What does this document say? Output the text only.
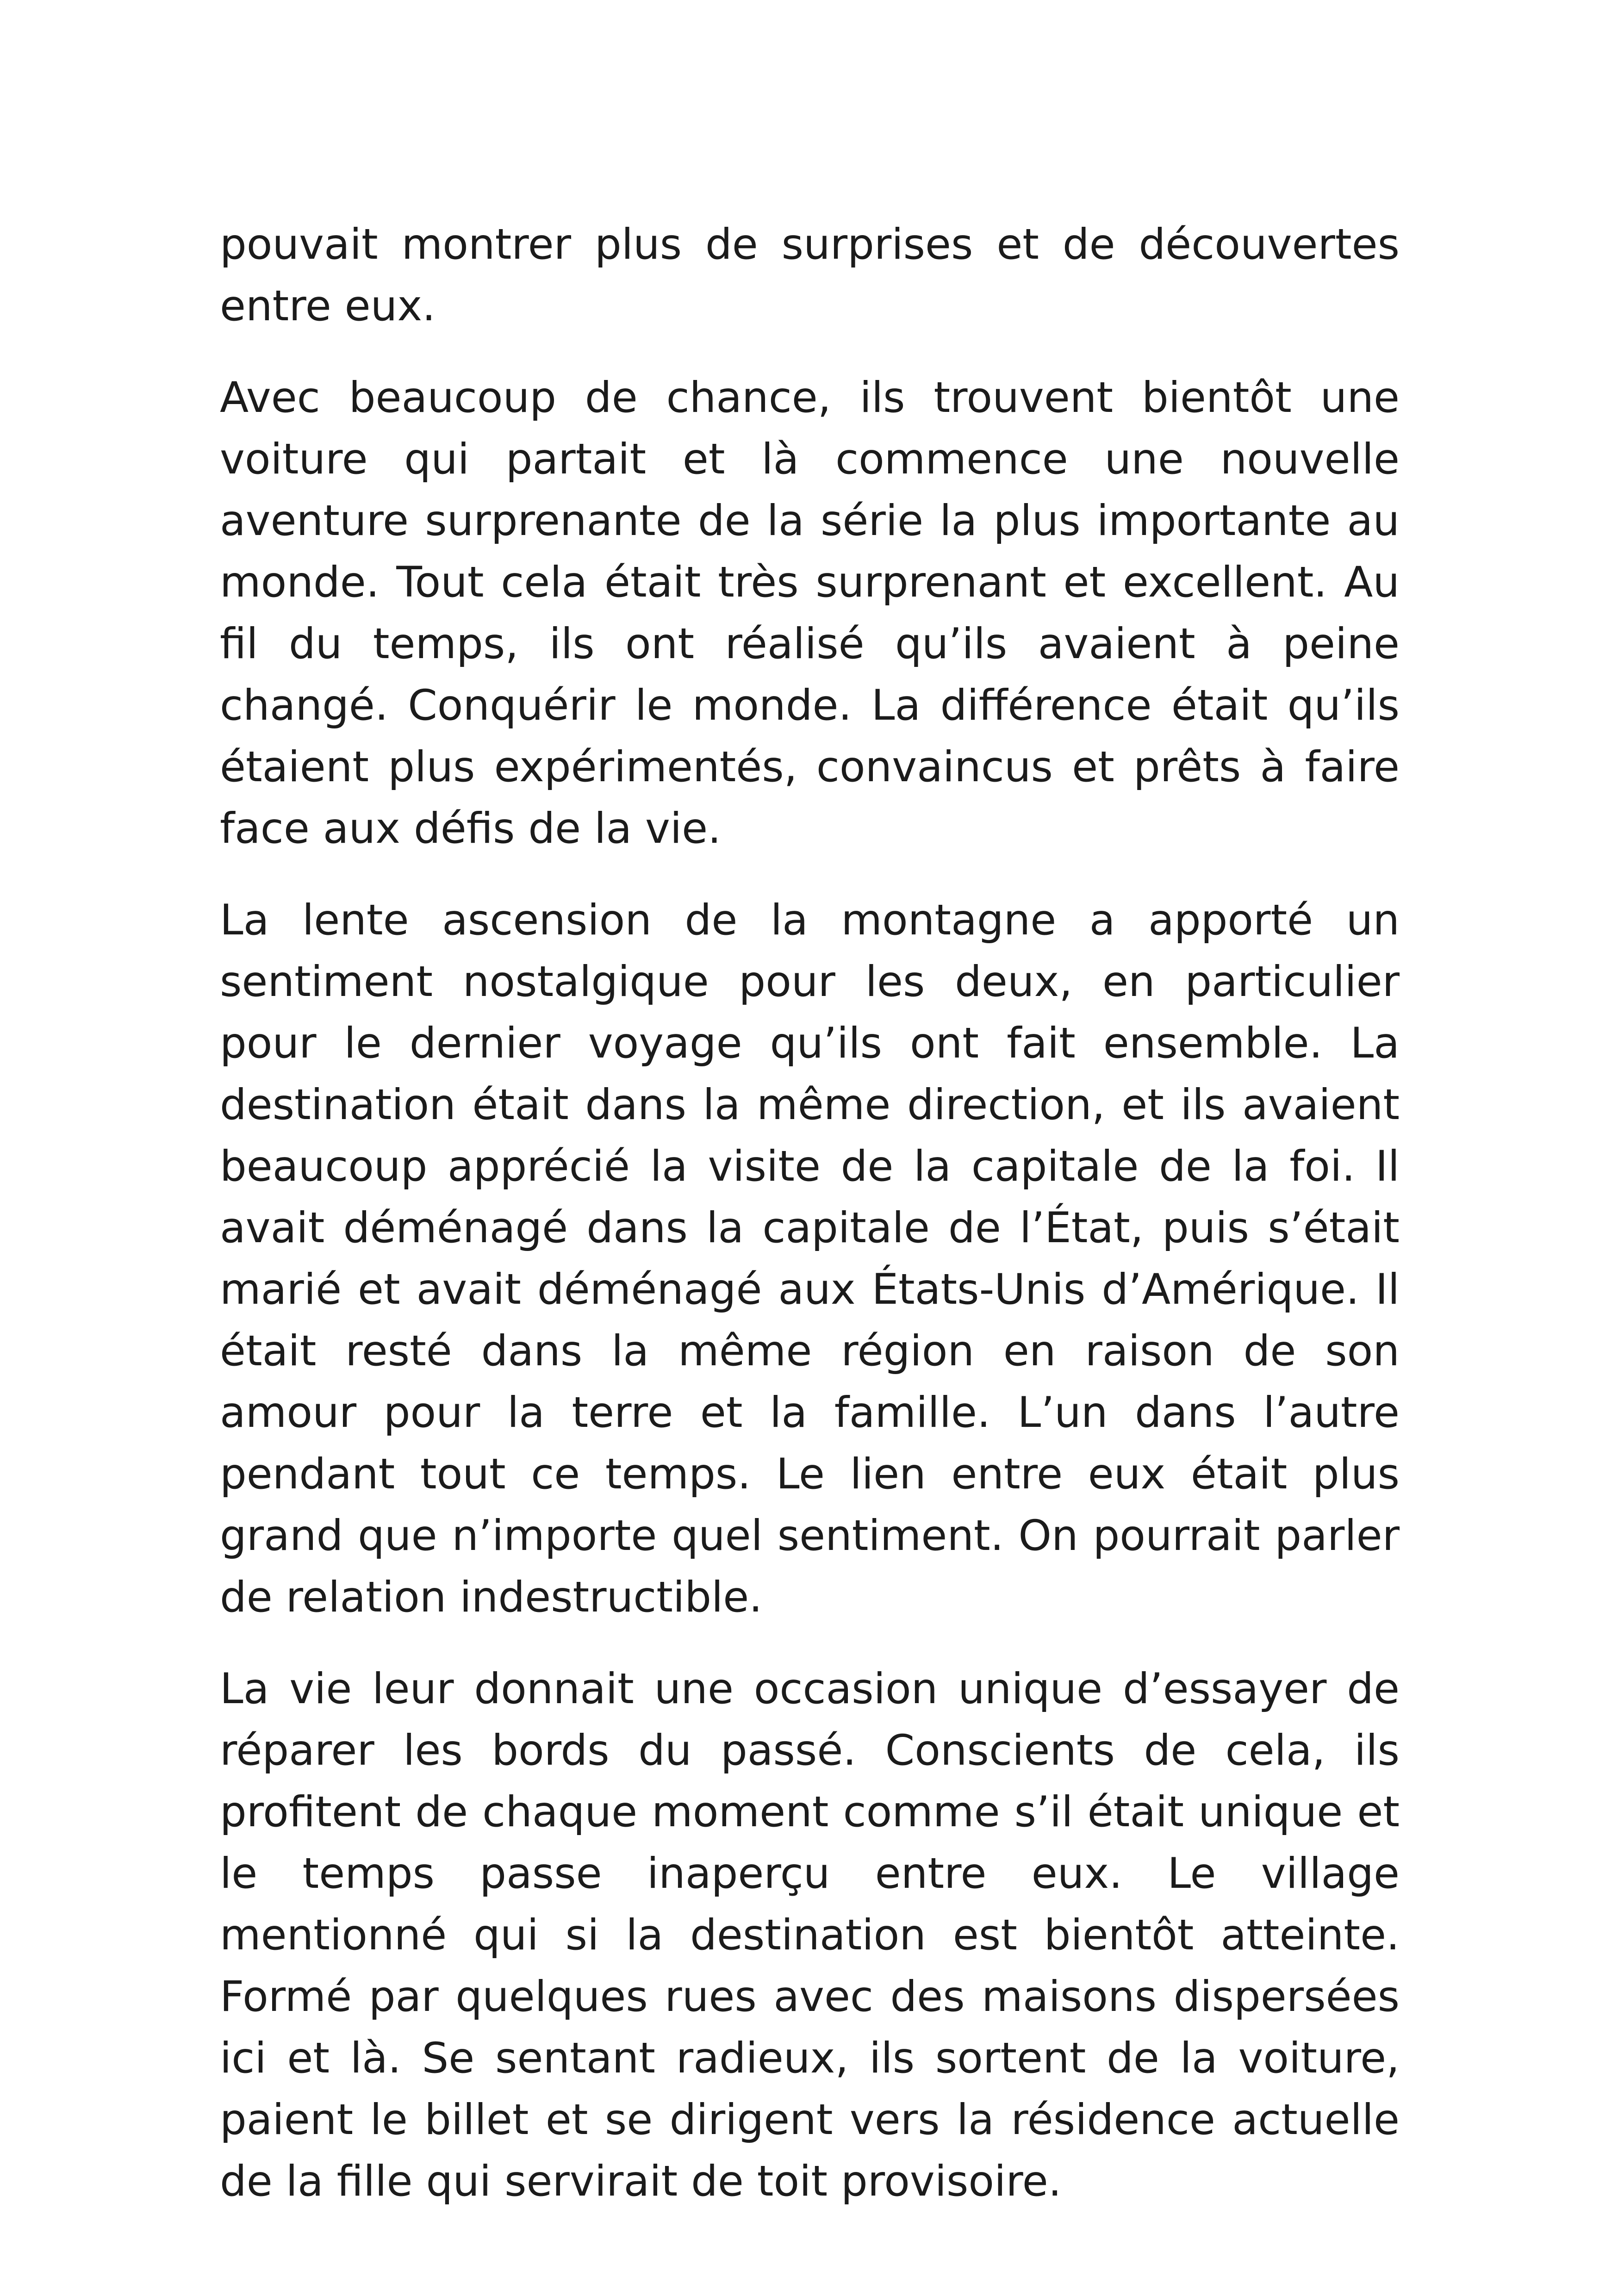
pouvait montrer plus de surprises et de découvertes entre eux.

Avec beaucoup de chance, ils trouvent bientôt une voiture qui partait et là commence une nouvelle aventure surprenante de la série la plus importante au monde. Tout cela était très surprenant et excellent. Au fil du temps, ils ont réalisé qu’ils avaient à peine changé. Conquérir le monde. La différence était qu’ils étaient plus expérimentés, convaincus et prêts à faire face aux défis de la vie.

La lente ascension de la montagne a apporté un sentiment nostalgique pour les deux, en particulier pour le dernier voyage qu’ils ont fait ensemble. La destination était dans la même direction, et ils avaient beaucoup apprécié la visite de la capitale de la foi. Il avait déménagé dans la capitale de l’État, puis s’était marié et avait déménagé aux États-Unis d’Amérique. Il était resté dans la même région en raison de son amour pour la terre et la famille. L’un dans l’autre pendant tout ce temps. Le lien entre eux était plus grand que n’importe quel sentiment. On pourrait parler de relation indestructible.

La vie leur donnait une occasion unique d’essayer de réparer les bords du passé. Conscients de cela, ils profitent de chaque moment comme s’il était unique et le temps passe inaperçu entre eux. Le village mentionné qui si la destination est bientôt atteinte. Formé par quelques rues avec des maisons dispersées ici et là. Se sentant radieux, ils sortent de la voiture, paient le billet et se dirigent vers la résidence actuelle de la fille qui servirait de toit provisoire.
